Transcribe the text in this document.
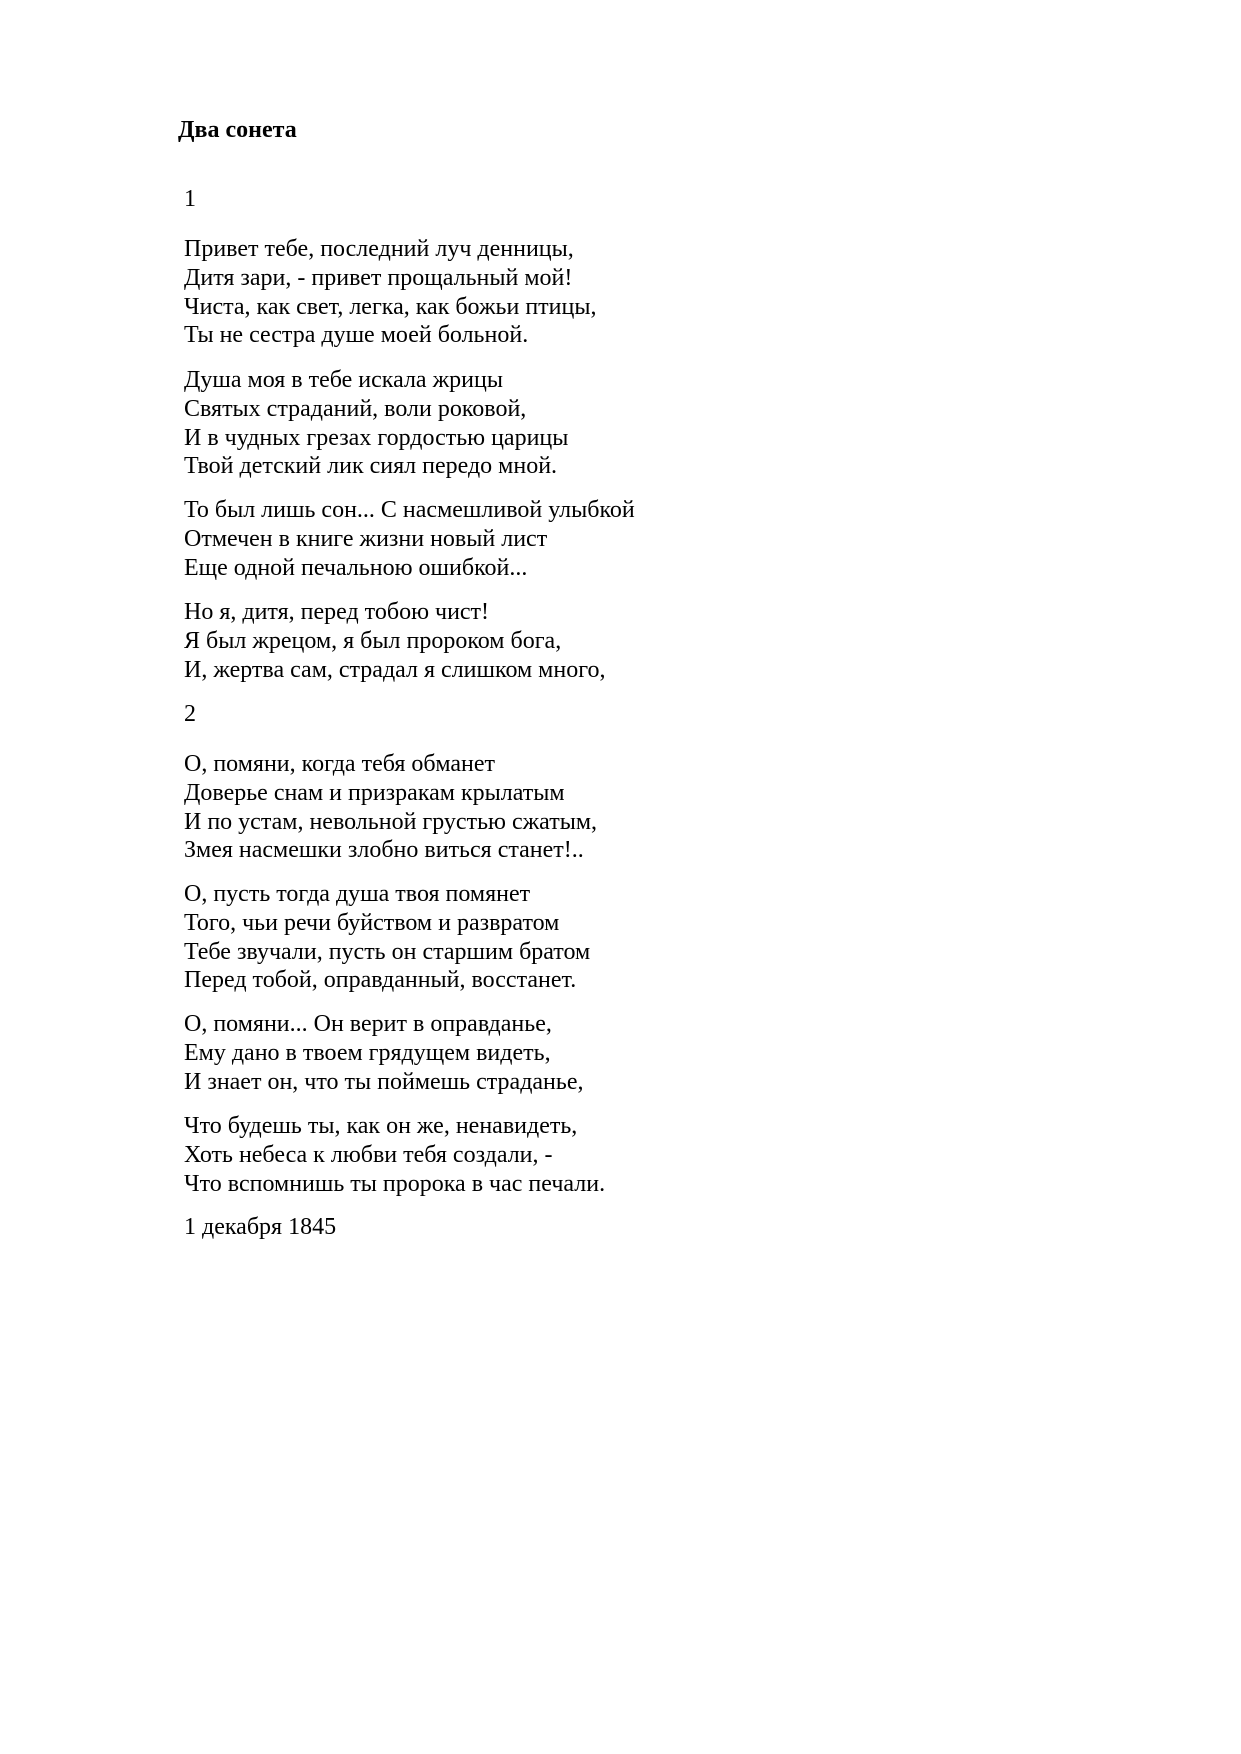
Два сонета
1
Привет тебе, последний луч денницы,
Дитя зари, - привет прощальный мой!
Чиста, как свет, легка, как божьи птицы,
Ты не сестра душе моей больной.
Душа моя в тебе искала жрицы
Святых страданий, воли роковой,
И в чудных грезах гордостью царицы
Твой детский лик сиял передо мной.
То был лишь сон... С насмешливой улыбкой
Отмечен в книге жизни новый лист
Еще одной печальною ошибкой...
Но я, дитя, перед тобою чист!
Я был жрецом, я был пророком бога,
И, жертва сам, страдал я слишком много,
2
О, помяни, когда тебя обманет
Доверье снам и призракам крылатым
И по устам, невольной грустью сжатым,
Змея насмешки злобно виться станет!..
О, пусть тогда душа твоя помянет
Того, чьи речи буйством и развратом
Тебе звучали, пусть он старшим братом
Перед тобой, оправданный, восстанет.
О, помяни... Он верит в оправданье,
Ему дано в твоем грядущем видеть,
И знает он, что ты поймешь страданье,
Что будешь ты, как он же, ненавидеть,
Хоть небеса к любви тебя создали, -
Что вспомнишь ты пророка в час печали.
1 декабря 1845
